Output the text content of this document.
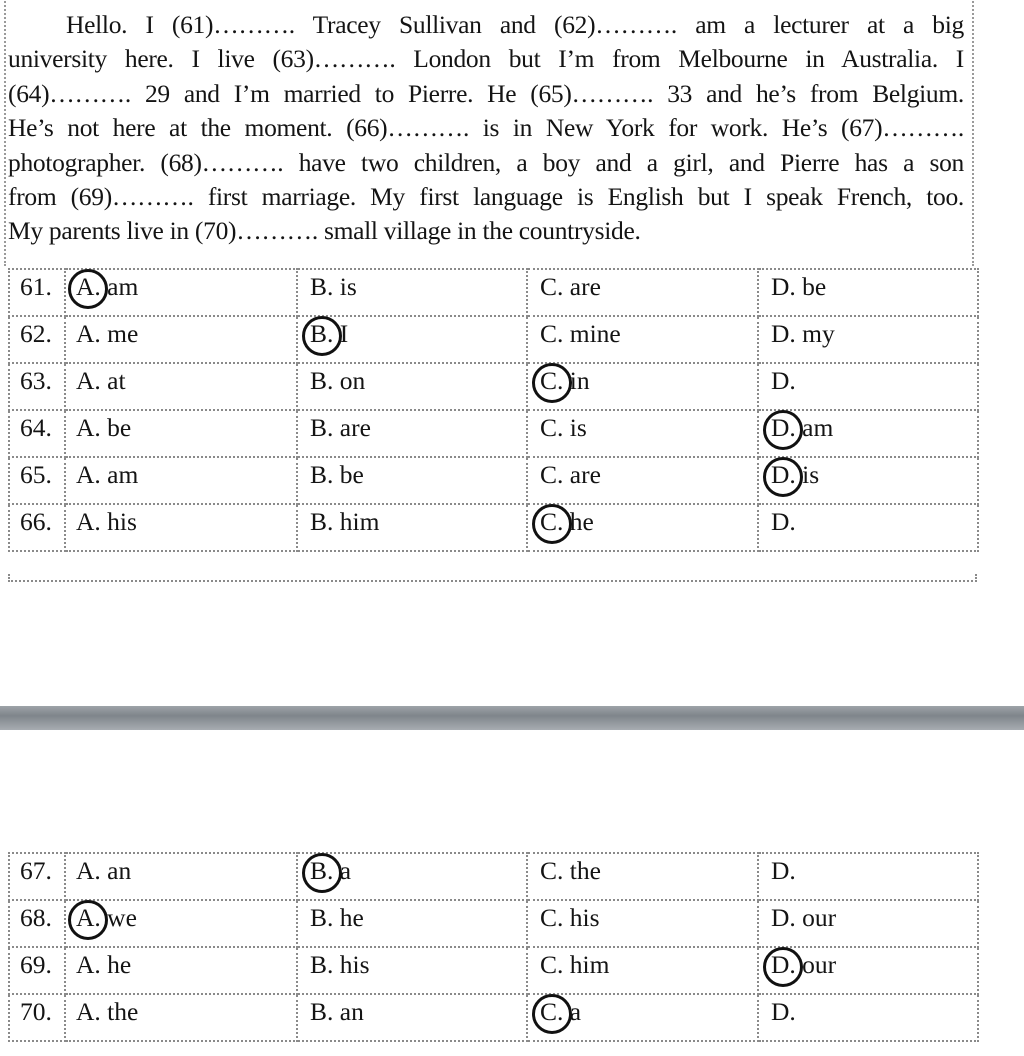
Hello. I (61)………. Tracey Sullivan and (62)………. am a lecturer at a big
university here. I live (63)………. London but I’m from Melbourne in Australia. I
(64)………. 29 and I’m married to Pierre. He (65)………. 33 and he’s from Belgium.
He’s not here at the moment. (66)………. is in New York for work. He’s (67)……….
photographer. (68)………. have two children, a boy and a girl, and Pierre has a son
from (69)………. first marriage. My first language is English but I speak French, too.
My parents live in (70)………. small village in the countryside.
61.	A. am	B. is	C. are	D. be
62.	A. me	B. I	C. mine	D. my
63.	A. at	B. on	C. in	D.
64.	A. be	B. are	C. is	D. am
65.	A. am	B. be	C. are	D. is
66.	A. his	B. him	C. he	D.
67.	A. an	B. a	C. the	D.
68.	A. we	B. he	C. his	D. our
69.	A. he	B. his	C. him	D. our
70.	A. the	B. an	C. a	D.
